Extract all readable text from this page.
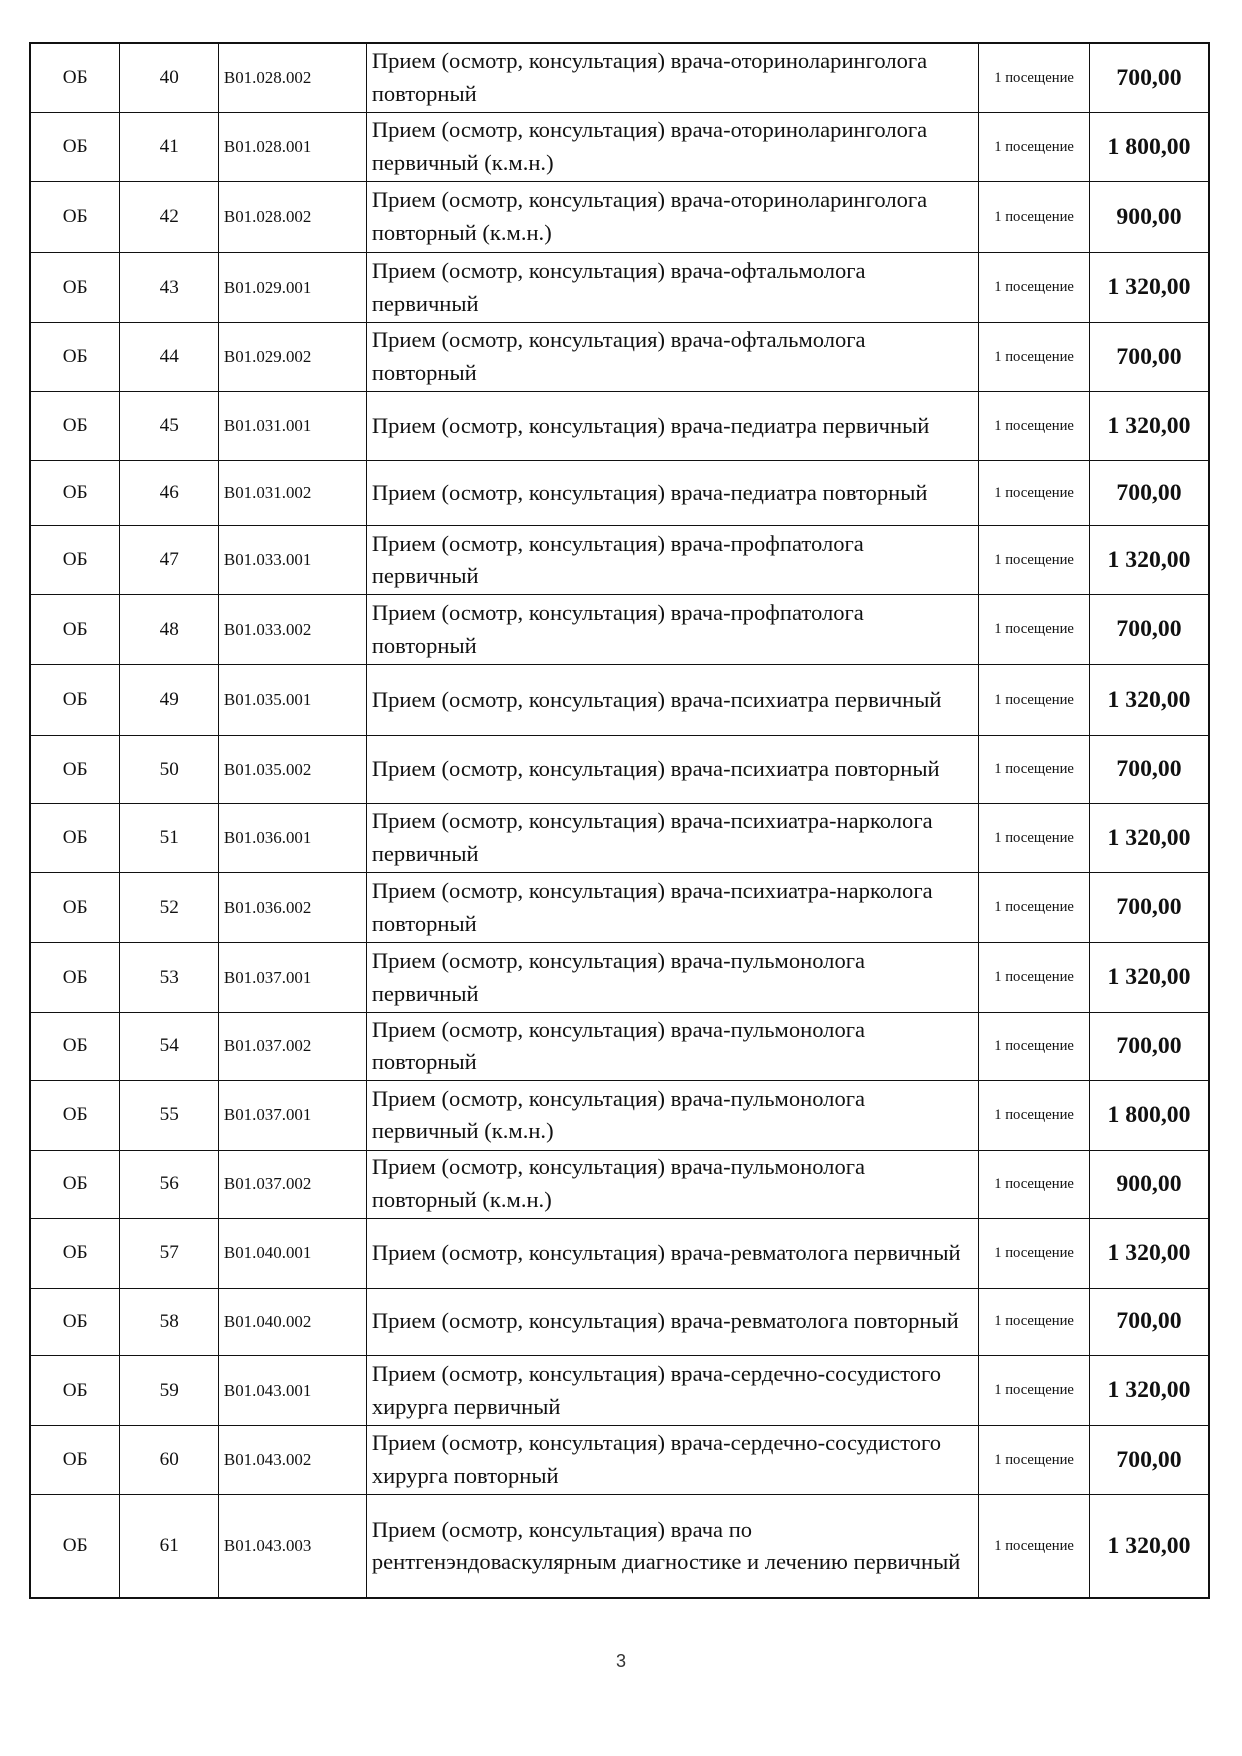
ОБ	40	B01.028.002	Прием (осмотр, консультация) врача-оториноларинголога повторный	1 посещение	700,00
ОБ	41	B01.028.001	Прием (осмотр, консультация) врача-оториноларинголога первичный (к.м.н.)	1 посещение	1 800,00
ОБ	42	B01.028.002	Прием (осмотр, консультация) врача-оториноларинголога повторный (к.м.н.)	1 посещение	900,00
ОБ	43	B01.029.001	Прием (осмотр, консультация) врача-офтальмолога первичный	1 посещение	1 320,00
ОБ	44	B01.029.002	Прием (осмотр, консультация) врача-офтальмолога повторный	1 посещение	700,00
ОБ	45	B01.031.001	Прием (осмотр, консультация) врача-педиатра первичный	1 посещение	1 320,00
ОБ	46	B01.031.002	Прием (осмотр, консультация) врача-педиатра повторный	1 посещение	700,00
ОБ	47	B01.033.001	Прием (осмотр, консультация) врача-профпатолога первичный	1 посещение	1 320,00
ОБ	48	B01.033.002	Прием (осмотр, консультация) врача-профпатолога повторный	1 посещение	700,00
ОБ	49	B01.035.001	Прием (осмотр, консультация) врача-психиатра первичный	1 посещение	1 320,00
ОБ	50	B01.035.002	Прием (осмотр, консультация) врача-психиатра повторный	1 посещение	700,00
ОБ	51	B01.036.001	Прием (осмотр, консультация) врача-психиатра-нарколога первичный	1 посещение	1 320,00
ОБ	52	B01.036.002	Прием (осмотр, консультация) врача-психиатра-нарколога повторный	1 посещение	700,00
ОБ	53	B01.037.001	Прием (осмотр, консультация) врача-пульмонолога первичный	1 посещение	1 320,00
ОБ	54	B01.037.002	Прием (осмотр, консультация) врача-пульмонолога повторный	1 посещение	700,00
ОБ	55	B01.037.001	Прием (осмотр, консультация) врача-пульмонолога первичный (к.м.н.)	1 посещение	1 800,00
ОБ	56	B01.037.002	Прием (осмотр, консультация) врача-пульмонолога повторный (к.м.н.)	1 посещение	900,00
ОБ	57	B01.040.001	Прием (осмотр, консультация) врача-ревматолога первичный	1 посещение	1 320,00
ОБ	58	B01.040.002	Прием (осмотр, консультация) врача-ревматолога повторный	1 посещение	700,00
ОБ	59	B01.043.001	Прием (осмотр, консультация) врача-сердечно-сосудистого хирурга первичный	1 посещение	1 320,00
ОБ	60	B01.043.002	Прием (осмотр, консультация) врача-сердечно-сосудистого хирурга повторный	1 посещение	700,00
ОБ	61	B01.043.003	Прием (осмотр, консультация) врача по рентгенэндоваскулярным диагностике и лечению первичный	1 посещение	1 320,00
3
